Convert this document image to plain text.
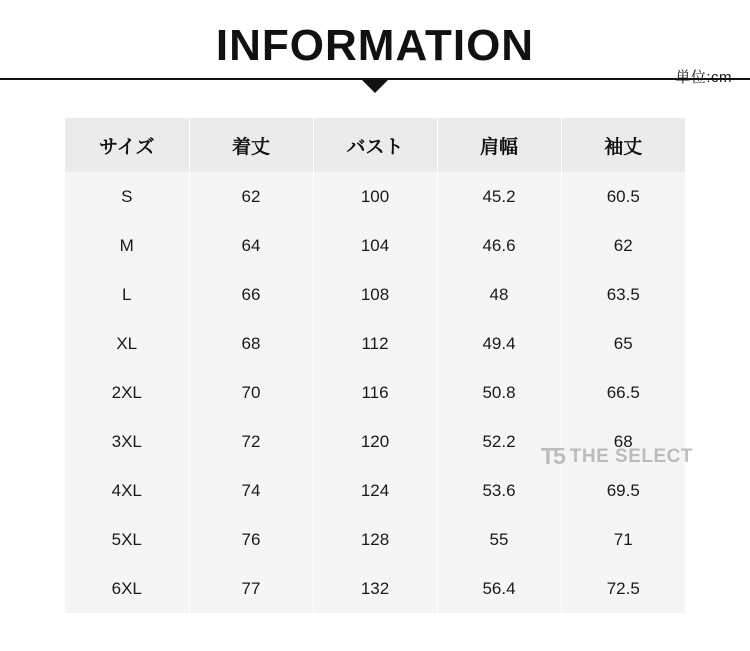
INFORMATION
サイズ	着丈	バスト	肩幅	袖丈
S	62	100	45.2	60.5
M	64	104	46.6	62
L	66	108	48	63.5
XL	68	112	49.4	65
2XL	70	116	50.8	66.5
3XL	72	120	52.2	68
4XL	74	124	53.6	69.5
5XL	76	128	55	71
6XL	77	132	56.4	72.5
T5 THE SELECT
